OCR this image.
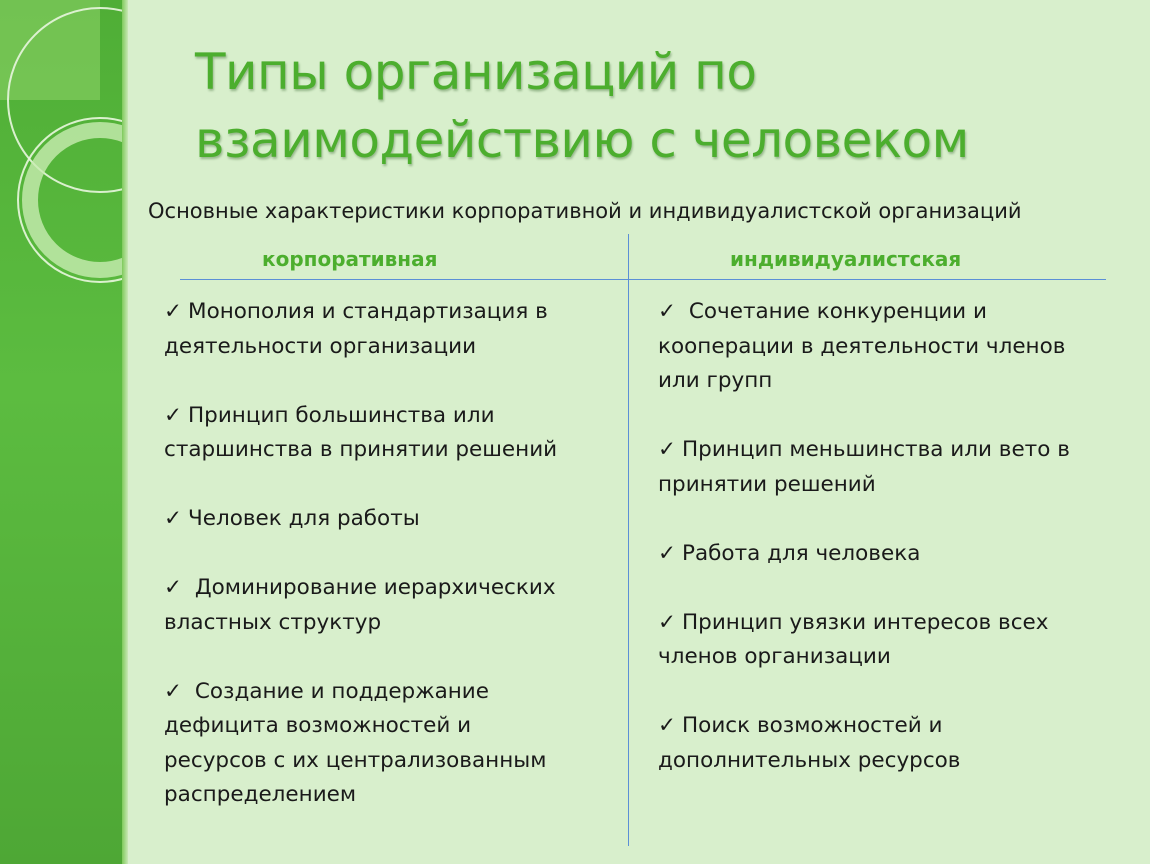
Типы организаций по
взаимодействию с человеком
Основные характеристики корпоративной и индивидуалистской организаций
корпоративная	индивидуалистская
✓ Монополия и стандартизация в
деятельности организации
✓ Принцип большинства или
старшинства в принятии решений
✓ Человек для работы
✓ Доминирование иерархических
властных структур
✓ Создание и поддержание
дефицита возможностей и
ресурсов с их централизованным
распределением
✓ Сочетание конкуренции и
кооперации в деятельности членов
или групп
✓ Принцип меньшинства или вето в
принятии решений
✓ Работа для человека
✓ Принцип увязки интересов всех
членов организации
✓ Поиск возможностей и
дополнительных ресурсов
